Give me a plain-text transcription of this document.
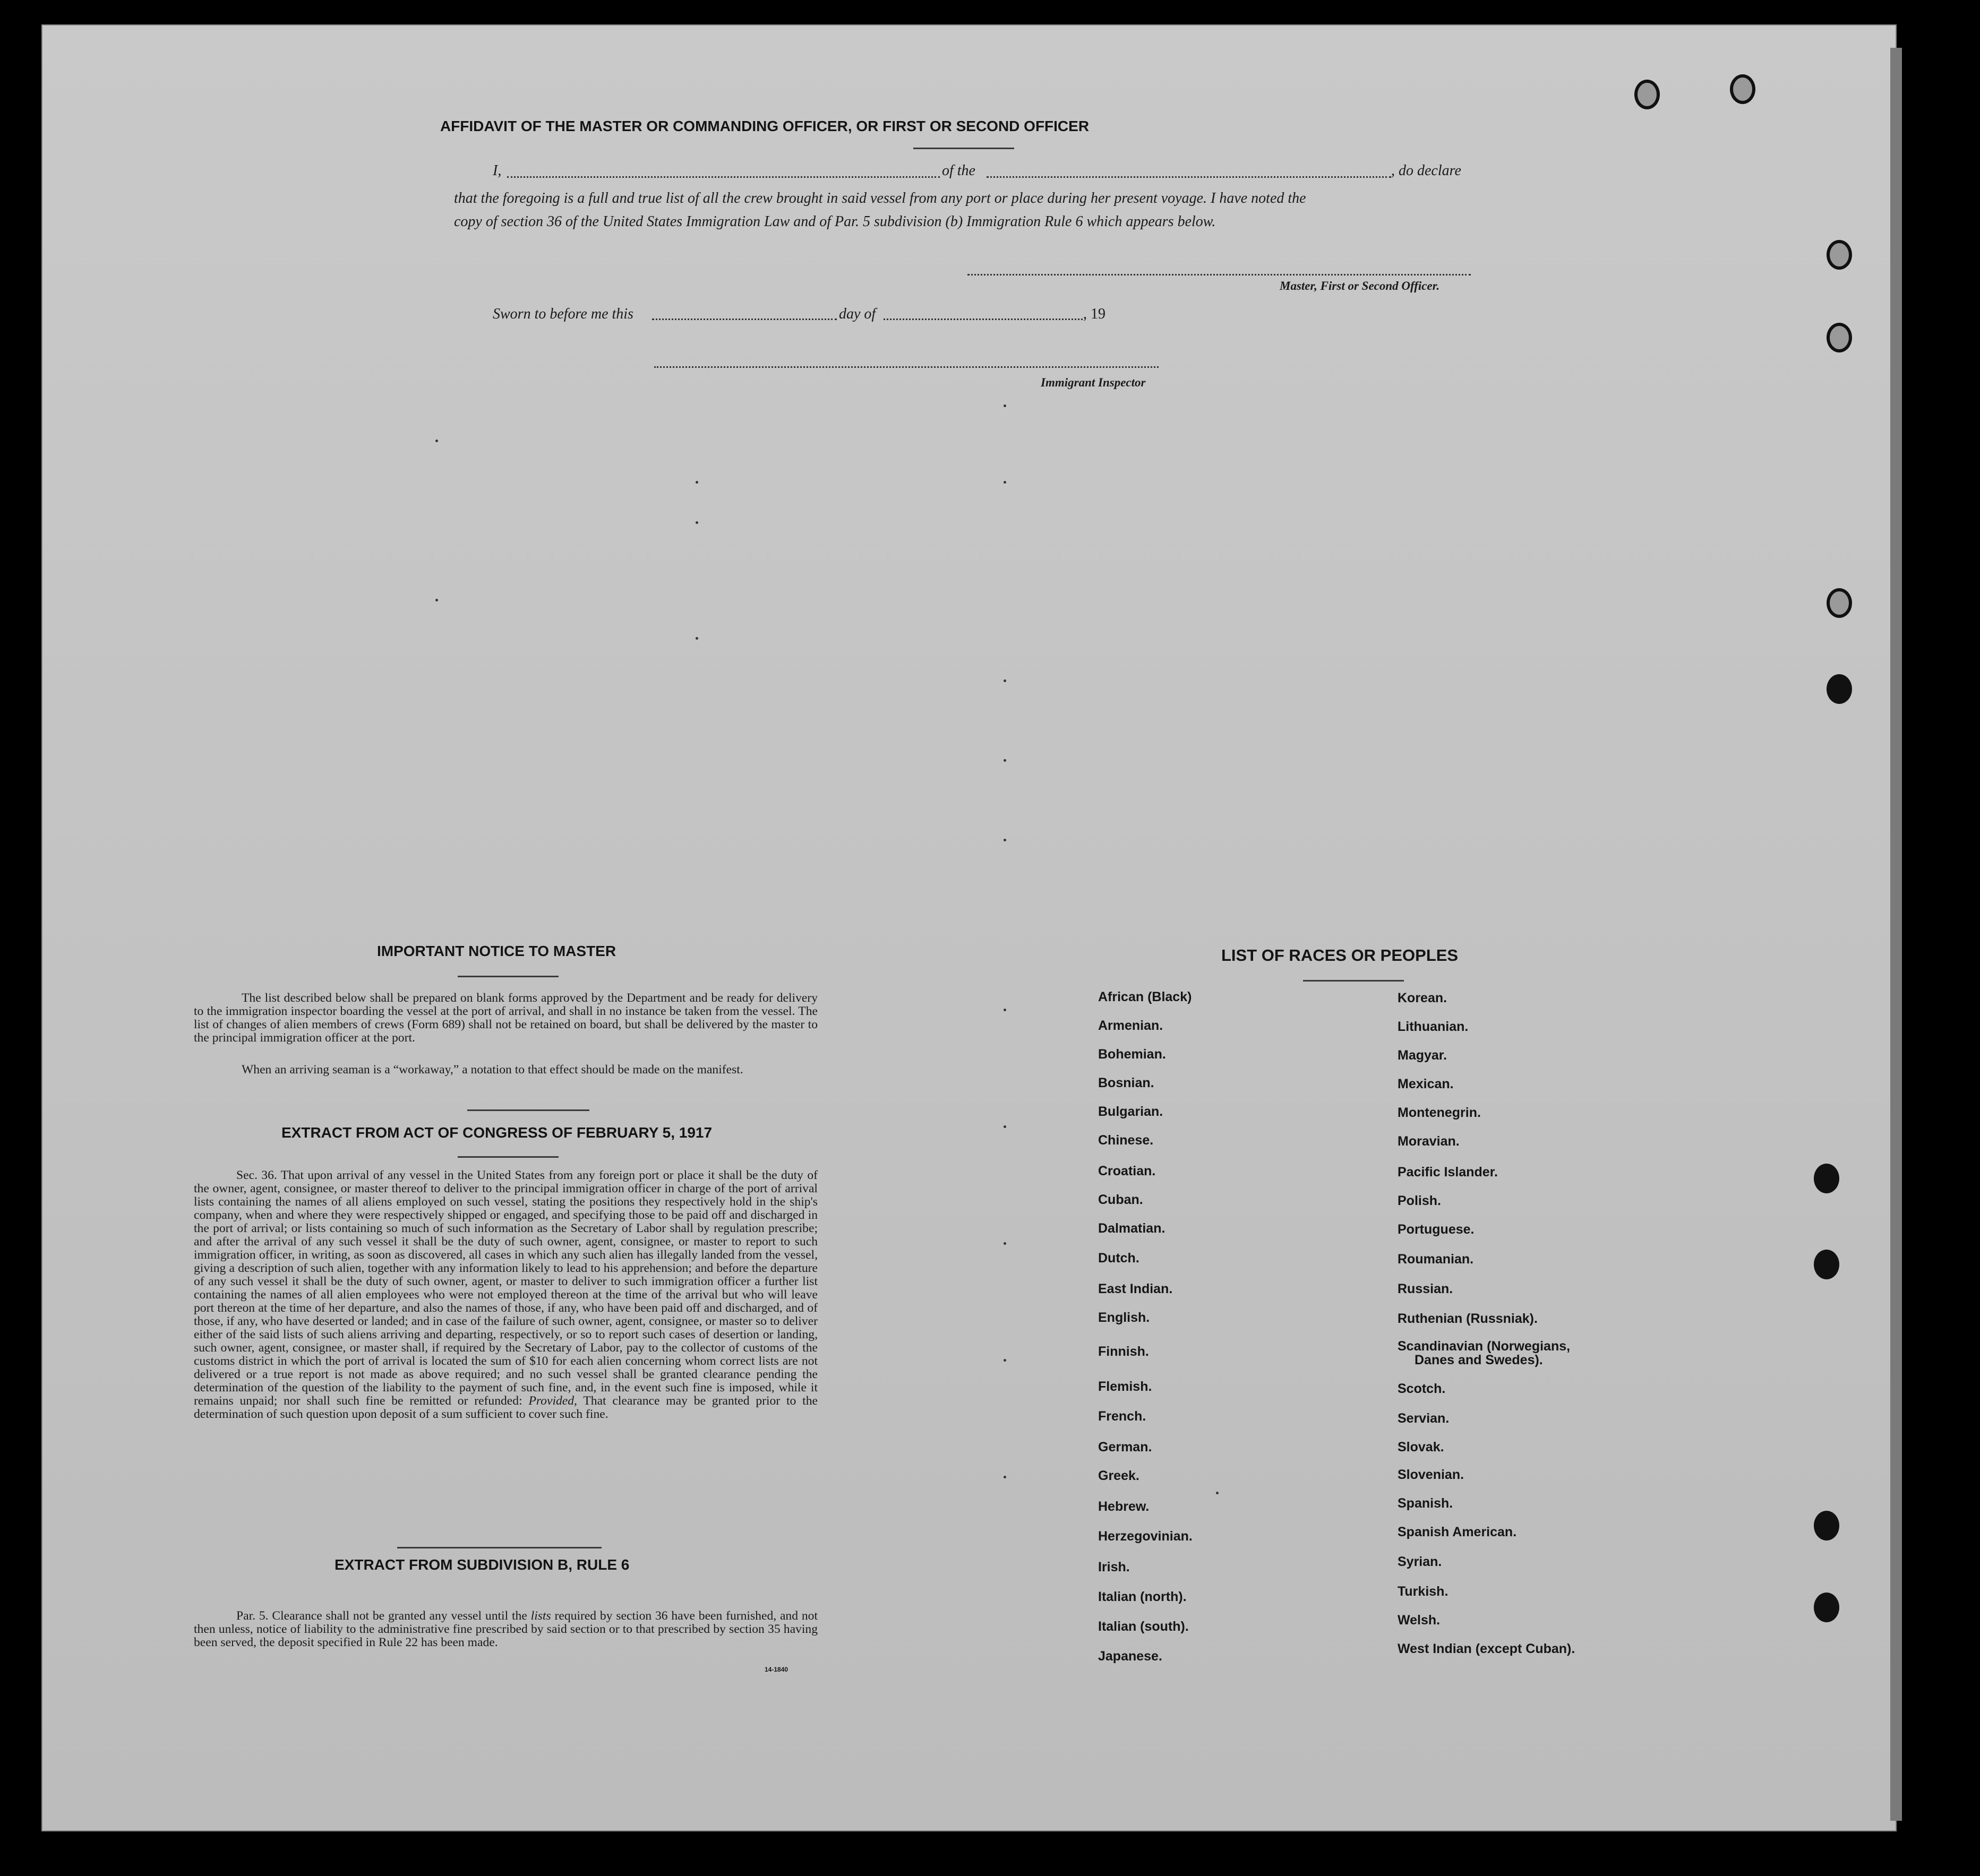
AFFIDAVIT OF THE MASTER OR COMMANDING OFFICER, OR FIRST OR SECOND OFFICER
I,	of the	, do declare
that the foregoing is a full and true list of all the crew brought in said vessel from any port or place during her present voyage. I have noted the
copy of section 36 of the United States Immigration Law and of Par. 5 subdivision (b) Immigration Rule 6 which appears below.
Master, First or Second Officer.
Sworn to before me this	day of	, 19
Immigrant Inspector
IMPORTANT NOTICE TO MASTER

The list described below shall be prepared on blank forms approved by the Department and be ready for delivery to the immigration inspector boarding the vessel at the port of arrival, and shall in no instance be taken from the vessel. The list of changes of alien members of crews (Form 689) shall not be retained on board, but shall be delivered by the master to the principal immigration officer at the port.

When an arriving seaman is a “workaway,” a notation to that effect should be made on the manifest.

EXTRACT FROM ACT OF CONGRESS OF FEBRUARY 5, 1917

Sec. 36. That upon arrival of any vessel in the United States from any foreign port or place it shall be the duty of the owner, agent, consignee, or master thereof to deliver to the principal immigration officer in charge of the port of arrival lists containing the names of all aliens employed on such vessel, stating the positions they respectively hold in the ship's company, when and where they were respectively shipped or engaged, and specifying those to be paid off and discharged in the port of arrival; or lists containing so much of such information as the Secretary of Labor shall by regulation prescribe; and after the arrival of any such vessel it shall be the duty of such owner, agent, consignee, or master to report to such immigration officer, in writing, as soon as discovered, all cases in which any such alien has illegally landed from the vessel, giving a description of such alien, together with any information likely to lead to his apprehension; and before the departure of any such vessel it shall be the duty of such owner, agent, or master to deliver to such immigration officer a further list containing the names of all alien employees who were not employed thereon at the time of the arrival but who will leave port thereon at the time of her departure, and also the names of those, if any, who have been paid off and discharged, and of those, if any, who have deserted or landed; and in case of the failure of such owner, agent, consignee, or master so to deliver either of the said lists of such aliens arriving and departing, respectively, or so to report such cases of desertion or landing, such owner, agent, consignee, or master shall, if required by the Secretary of Labor, pay to the collector of customs of the customs district in which the port of arrival is located the sum of $10 for each alien concerning whom correct lists are not delivered or a true report is not made as above required; and no such vessel shall be granted clearance pending the determination of the question of the liability to the payment of such fine, and, in the event such fine is imposed, while it remains unpaid; nor shall such fine be remitted or refunded: Provided, That clearance may be granted prior to the determination of such question upon deposit of a sum sufficient to cover such fine.

EXTRACT FROM SUBDIVISION B, RULE 6

Par. 5. Clearance shall not be granted any vessel until the lists required by section 36 have been furnished, and not then unless, notice of liability to the administrative fine prescribed by said section or to that prescribed by section 35 having been served, the deposit specified in Rule 22 has been made.

14-1840
LIST OF RACES OR PEOPLES
African (Black)
Armenian.
Bohemian.
Bosnian.
Bulgarian.
Chinese.
Croatian.
Cuban.
Dalmatian.
Dutch.
East Indian.
English.
Finnish.
Flemish.
French.
German.
Greek.
Hebrew.
Herzegovinian.
Irish.
Italian (north).
Italian (south).
Japanese.
Korean.
Lithuanian.
Magyar.
Mexican.
Montenegrin.
Moravian.
Pacific Islander.
Polish.
Portuguese.
Roumanian.
Russian.
Ruthenian (Russniak).
Scandinavian (Norwegians,
Danes and Swedes).
Scotch.
Servian.
Slovak.
Slovenian.
Spanish.
Spanish American.
Syrian.
Turkish.
Welsh.
West Indian (except Cuban).
